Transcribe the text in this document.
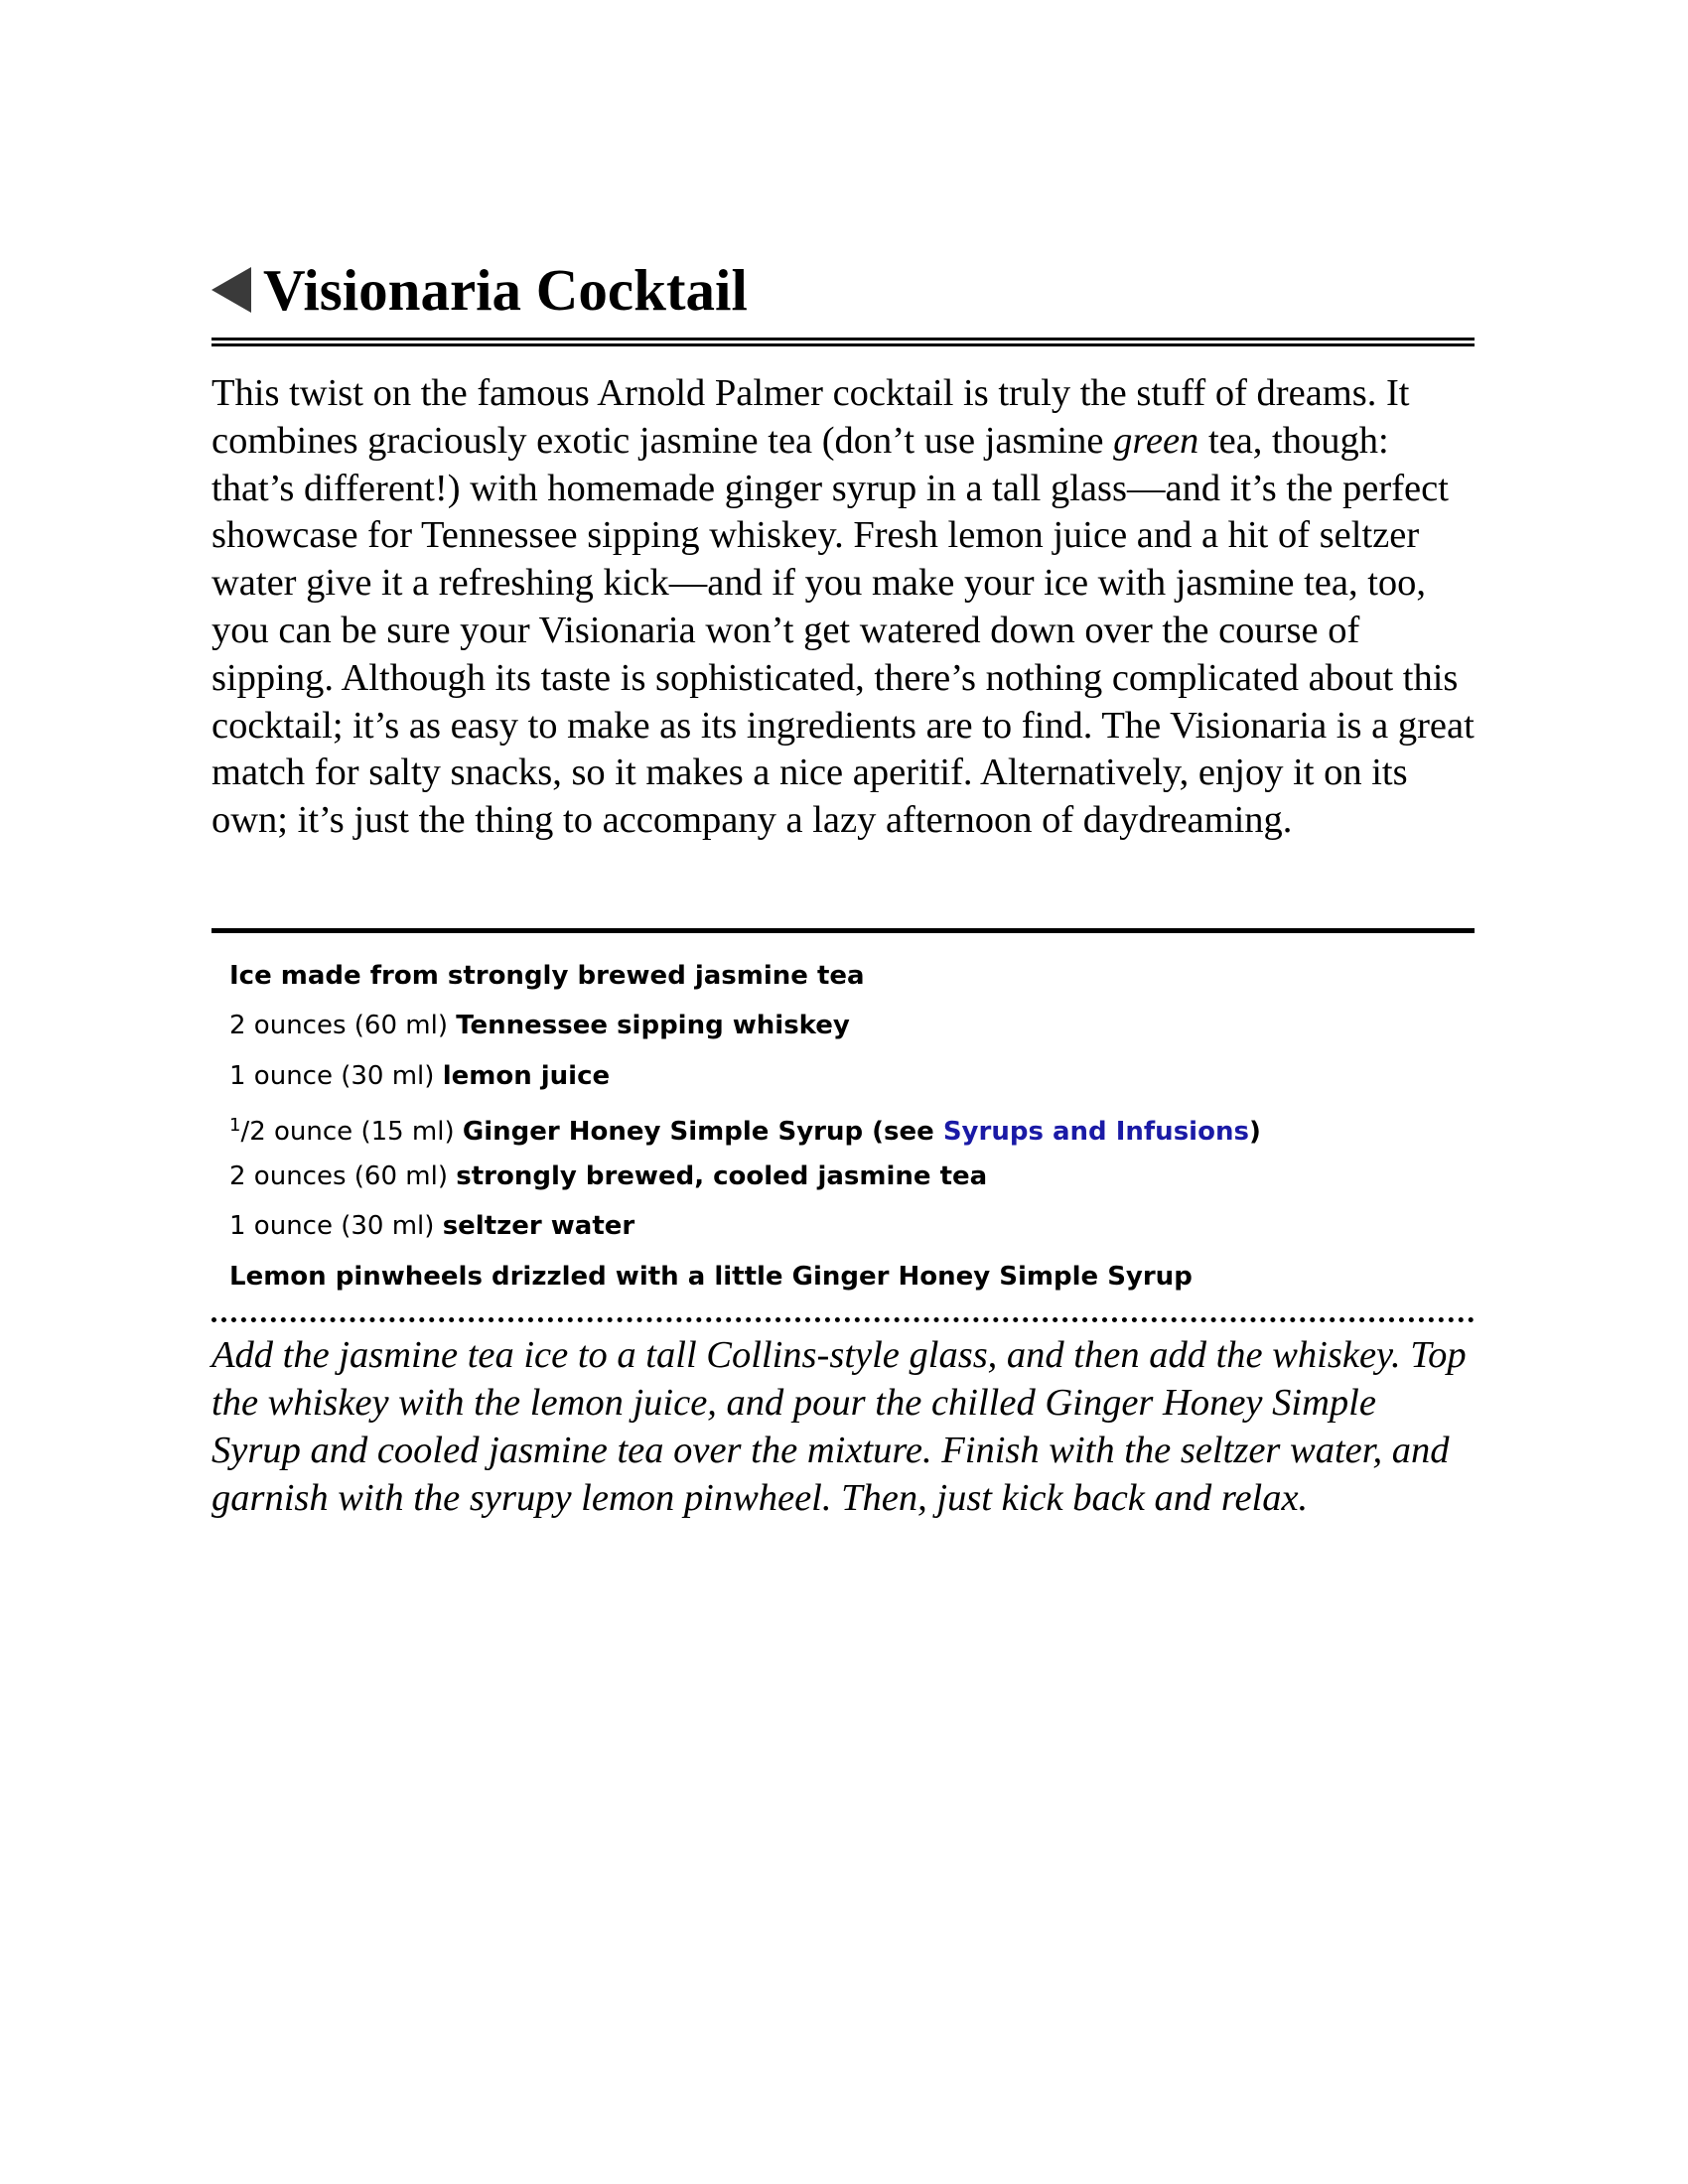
Visionaria Cocktail

This twist on the famous Arnold Palmer cocktail is truly the stuff of dreams. It combines graciously exotic jasmine tea (don’t use jasmine green tea, though: that’s different!) with homemade ginger syrup in a tall glass—and it’s the perfect showcase for Tennessee sipping whiskey. Fresh lemon juice and a hit of seltzer water give it a refreshing kick—and if you make your ice with jasmine tea, too, you can be sure your Visionaria won’t get watered down over the course of sipping. Although its taste is sophisticated, there’s nothing complicated about this cocktail; it’s as easy to make as its ingredients are to find. The Visionaria is a great match for salty snacks, so it makes a nice aperitif. Alternatively, enjoy it on its own; it’s just the thing to accompany a lazy afternoon of daydreaming.

Ice made from strongly brewed jasmine tea
2 ounces (60 ml) Tennessee sipping whiskey
1 ounce (30 ml) lemon juice
$^1$/2 ounce (15 ml) Ginger Honey Simple Syrup (see Syrups and Infusions)
2 ounces (60 ml) strongly brewed, cooled jasmine tea
1 ounce (30 ml) seltzer water
Lemon pinwheels drizzled with a little Ginger Honey Simple Syrup

Add the jasmine tea ice to a tall Collins-style glass, and then add the whiskey. Top the whiskey with the lemon juice, and pour the chilled Ginger Honey Simple Syrup and cooled jasmine tea over the mixture. Finish with the seltzer water, and garnish with the syrupy lemon pinwheel. Then, just kick back and relax.
